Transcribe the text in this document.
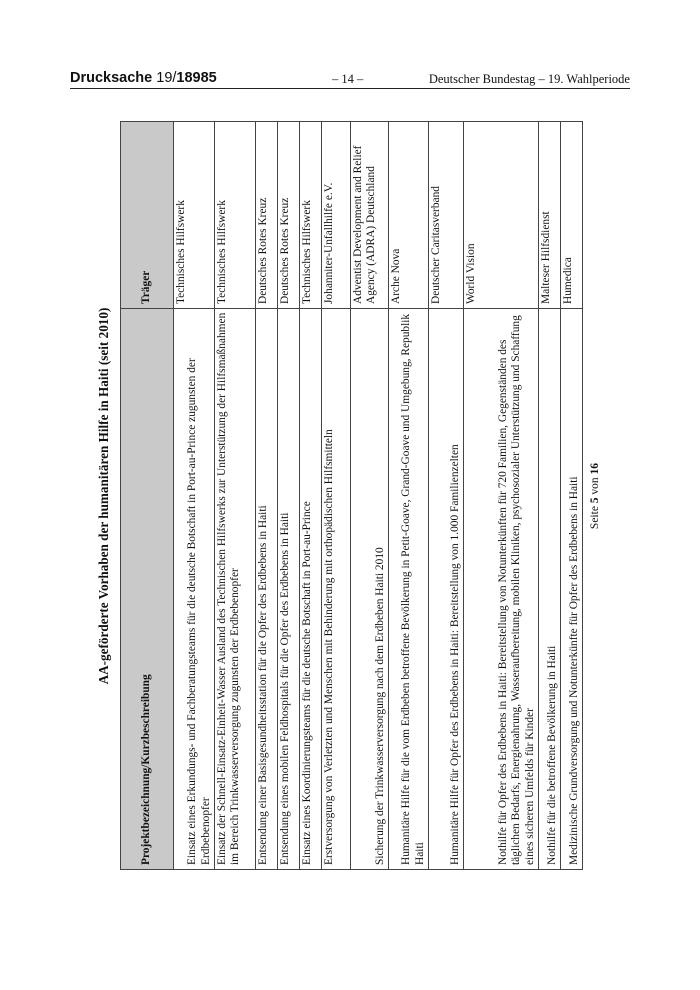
Drucksache 19/18985	– 14 –	Deutscher Bundestag – 19. Wahlperiode
AA-geförderte Vorhaben der humanitären Hilfe in Haiti (seit 2010)
Projektbezeichnung/Kurzbeschreibung	Träger
Einsatz eines Erkundungs- und Fachberatungsteams für die deutsche Botschaft in Port-au-Prince zugunsten der Erdbebenopfer	Technisches Hilfswerk
Einsatz der Schnell-Einsatz-Einheit-Wasser Ausland des Technischen Hilfswerks zur Unterstützung der Hilfsmaßnahmen im Bereich Trinkwasserversorgung zugunsten der Erdbebenopfer	Technisches Hilfswerk
Entsendung einer Basisgesundheitsstation für die Opfer des Erdbebens in Haiti	Deutsches Rotes Kreuz
Entsendung eines mobilen Feldhospitals für die Opfer des Erdbebens in Haiti	Deutsches Rotes Kreuz
Einsatz eines Koordinierungsteams für die deutsche Botschaft in Port-au-Prince	Technisches Hilfswerk
Erstversorgung von Verletzten und Menschen mit Behinderung mit orthopädischen Hilfsmitteln	Johanniter-Unfallhilfe e.V.
Sicherung der Trinkwasserversorgung nach dem Erdbeben Haiti 2010	Adventist Development and Relief Agency (ADRA) Deutschland
Humanitäre Hilfe für die vom Erdbeben betroffene Bevölkerung in Petit-Goave, Grand-Goave und Umgebung, Republik Haiti	Arche Nova
Humanitäre Hilfe für Opfer des Erdbebens in Haiti: Bereitstellung von 1.000 Familienzelten	Deutscher Caritasverband
Nothilfe für Opfer des Erdbebens in Haiti: Bereitstellung von Notunterkünften für 720 Familien, Gegenständen des täglichen Bedarfs, Energienahrung, Wasseraufbereitung, mobilen Kliniken, psychosozialer Unterstützung und Schaffung eines sicheren Umfelds für Kinder	World Vision
Nothilfe für die betroffene Bevölkerung in Haiti	Malteser Hilfsdienst
Medizinische Grundversorgung und Notunterkünfte für Opfer des Erdbebens in Haiti	Humedica
Seite 5 von 16
